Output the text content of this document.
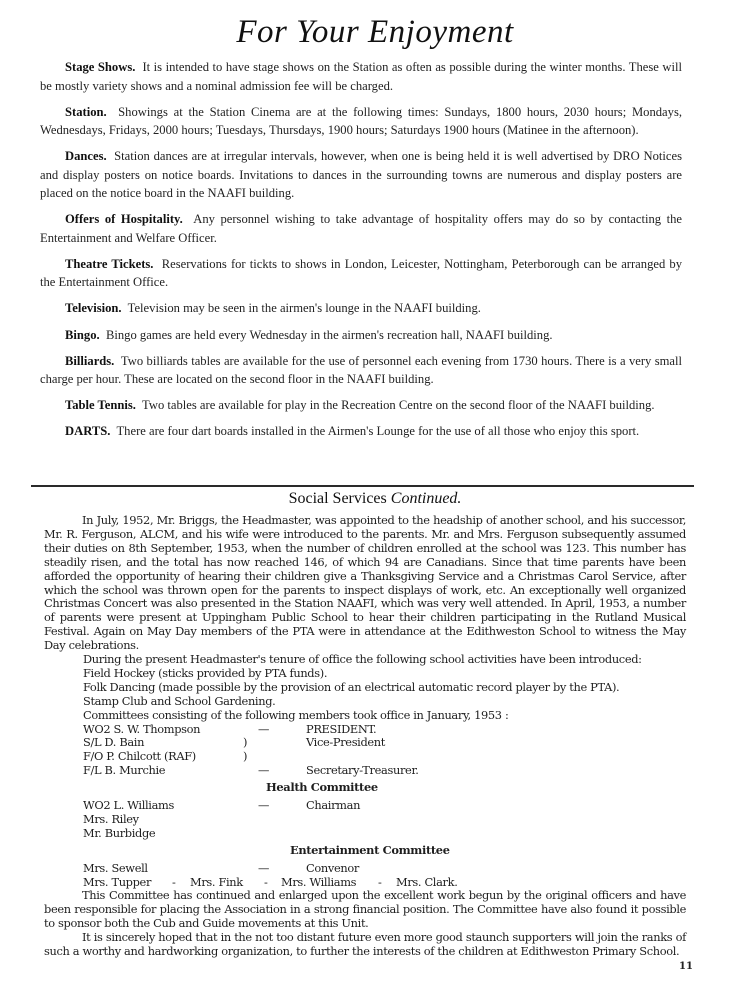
For Your Enjoyment

Stage Shows. It is intended to have stage shows on the Station as often as possible during the winter months. These will be mostly variety shows and a nominal admission fee will be charged.

Station. Showings at the Station Cinema are at the following times: Sundays, 1800 hours, 2030 hours; Mondays, Wednesdays, Fridays, 2000 hours; Tuesdays, Thursdays, 1900 hours; Saturdays 1900 hours (Matinee in the afternoon).

Dances. Station dances are at irregular intervals, however, when one is being held it is well advertised by DRO Notices and display posters on notice boards. Invitations to dances in the surrounding towns are numerous and display posters are placed on the notice board in the NAAFI building.

Offers of Hospitality. Any personnel wishing to take advantage of hospitality offers may do so by contacting the Entertainment and Welfare Officer.

Theatre Tickets. Reservations for tickts to shows in London, Leicester, Nottingham, Peterborough can be arranged by the Entertainment Office.

Television. Television may be seen in the airmen's lounge in the NAAFI building.

Bingo. Bingo games are held every Wednesday in the airmen's recreation hall, NAAFI building.

Billiards. Two billiards tables are available for the use of personnel each evening from 1730 hours. There is a very small charge per hour. These are located on the second floor in the NAAFI building.

Table Tennis. Two tables are available for play in the Recreation Centre on the second floor of the NAAFI building.

DARTS. There are four dart boards installed in the Airmen's Lounge for the use of all those who enjoy this sport.

Social Services Continued.

In July, 1952, Mr. Briggs, the Headmaster, was appointed to the headship of another school, and his successor, Mr. R. Ferguson, ALCM, and his wife were introduced to the parents. Mr. and Mrs. Ferguson subsequently assumed their duties on 8th September, 1953, when the number of children enrolled at the school was 123. This number has steadily risen, and the total has now reached 146, of which 94 are Canadians. Since that time parents have been afforded the opportunity of hearing their children give a Thanksgiving Service and a Christmas Carol Service, after which the school was thrown open for the parents to inspect displays of work, etc. An exceptionally well organized Christmas Concert was also presented in the Station NAAFI, which was very well attended. In April, 1953, a number of parents were present at Uppingham Public School to hear their children participating in the Rutland Musical Festival. Again on May Day members of the PTA were in attendance at the Edithweston School to witness the May Day celebrations.

During the present Headmaster's tenure of office the following school activities have been introduced:

Field Hockey (sticks provided by PTA funds).

Folk Dancing (made possible by the provision of an electrical automatic record player by the PTA).

Stamp Club and School Gardening.

Committees consisting of the following members took office in January, 1953 :

WO2 S. W. Thompson	—	PRESIDENT.
S/L D. Bain	)	Vice-President
F/O P. Chilcott (RAF)	)
F/L B. Murchie	—	Secretary-Treasurer.

Health Committee

WO2 L. Williams	—	Chairman
Mrs. Riley
Mr. Burbidge

Entertainment Committee

Mrs. Sewell	—	Convenor
Mrs. Tupper - Mrs. Fink - Mrs. Williams - Mrs. Clark.

This Committee has continued and enlarged upon the excellent work begun by the original officers and have been responsible for placing the Association in a strong financial position. The Committee have also found it possible to sponsor both the Cub and Guide movements at this Unit.

It is sincerely hoped that in the not too distant future even more good staunch supporters will join the ranks of such a worthy and hardworking organization, to further the interests of the children at Edithweston Primary School.

11
